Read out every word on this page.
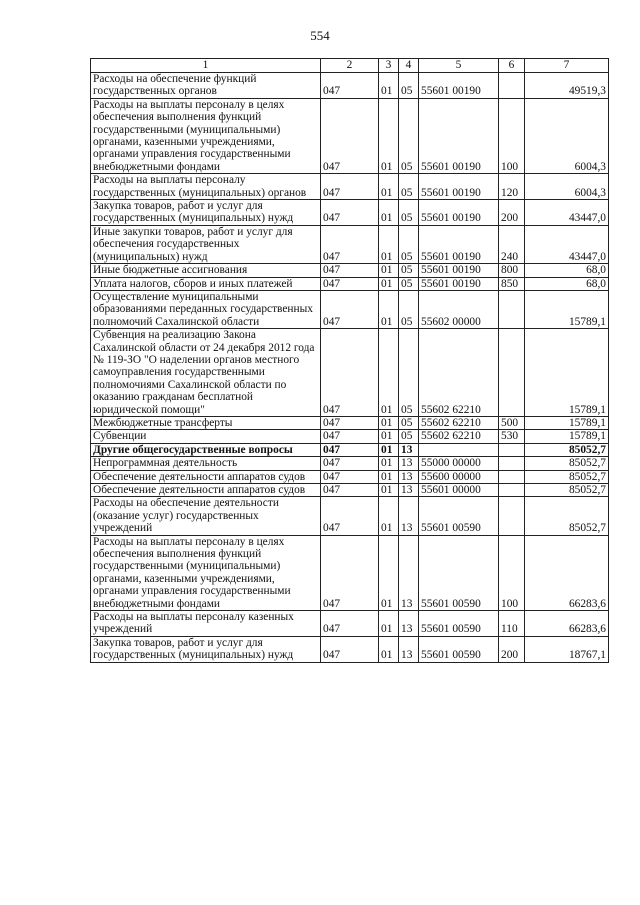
554
1	2	3	4	5	6	7
Расходы на обеспечение функций государственных органов	047	01	05	55601 00190		49519,3
Расходы на выплаты персоналу в целях обеспечения выполнения функций государственными (муниципальными) органами, казенными учреждениями, органами управления государственными внебюджетными фондами	047	01	05	55601 00190	100	6004,3
Расходы на выплаты персоналу государственных (муниципальных) органов	047	01	05	55601 00190	120	6004,3
Закупка товаров, работ и услуг для государственных (муниципальных) нужд	047	01	05	55601 00190	200	43447,0
Иные закупки товаров, работ и услуг для обеспечения государственных (муниципальных) нужд	047	01	05	55601 00190	240	43447,0
Иные бюджетные ассигнования	047	01	05	55601 00190	800	68,0
Уплата налогов, сборов и иных платежей	047	01	05	55601 00190	850	68,0
Осуществление муниципальными образованиями переданных государственных полномочий Сахалинской области	047	01	05	55602 00000		15789,1
Субвенция на реализацию Закона Сахалинской области от 24 декабря 2012 года № 119-ЗО "О наделении органов местного самоуправления государственными полномочиями Сахалинской области по оказанию гражданам бесплатной юридической помощи"	047	01	05	55602 62210		15789,1
Межбюджетные трансферты	047	01	05	55602 62210	500	15789,1
Субвенции	047	01	05	55602 62210	530	15789,1
Другие общегосударственные вопросы	047	01	13			85052,7
Непрограммная деятельность	047	01	13	55000 00000		85052,7
Обеспечение деятельности аппаратов судов	047	01	13	55600 00000		85052,7
Обеспечение деятельности аппаратов судов	047	01	13	55601 00000		85052,7
Расходы на обеспечение деятельности (оказание услуг) государственных учреждений	047	01	13	55601 00590		85052,7
Расходы на выплаты персоналу в целях обеспечения выполнения функций государственными (муниципальными) органами, казенными учреждениями, органами управления государственными внебюджетными фондами	047	01	13	55601 00590	100	66283,6
Расходы на выплаты персоналу казенных учреждений	047	01	13	55601 00590	110	66283,6
Закупка товаров, работ и услуг для государственных (муниципальных) нужд	047	01	13	55601 00590	200	18767,1
